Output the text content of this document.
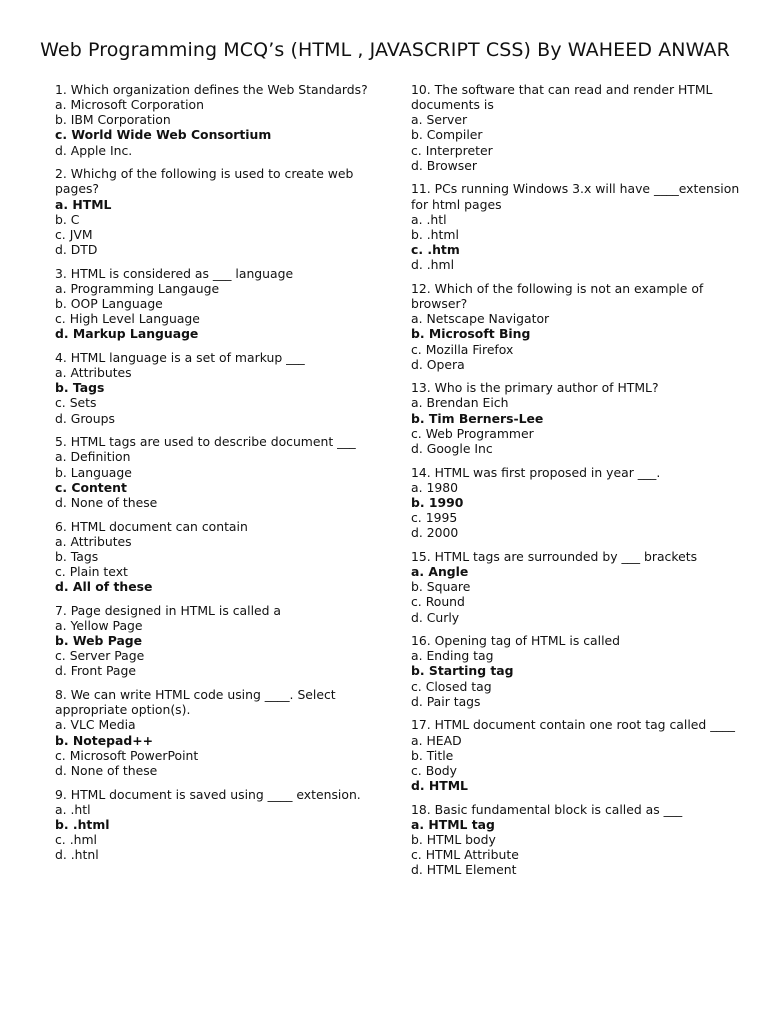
Web Programming MCQ’s (HTML , JAVASCRIPT CSS) By WAHEED ANWAR
1. Which organization defines the Web Standards?
a. Microsoft Corporation
b. IBM Corporation
c. World Wide Web Consortium
d. Apple Inc.
2. Whichg of the following is used to create web pages?
a. HTML
b. C
c. JVM
d. DTD
3. HTML is considered as ___ language
a. Programming Langauge
b. OOP Language
c. High Level Language
d. Markup Language
4. HTML language is a set of markup ___
a. Attributes
b. Tags
c. Sets
d. Groups
5. HTML tags are used to describe document ___
a. Definition
b. Language
c. Content
d. None of these
6. HTML document can contain
a. Attributes
b. Tags
c. Plain text
d. All of these
7. Page designed in HTML is called a
a. Yellow Page
b. Web Page
c. Server Page
d. Front Page
8. We can write HTML code using ____. Select appropriate option(s).
a. VLC Media
b. Notepad++
c. Microsoft PowerPoint
d. None of these
9. HTML document is saved using ____ extension.
a. .htl
b. .html
c. .hml
d. .htnl
10. The software that can read and render HTML documents is
a. Server
b. Compiler
c. Interpreter
d. Browser
11. PCs running Windows 3.x will have ____extension for html pages
a. .htl
b. .html
c. .htm
d. .hml
12. Which of the following is not an example of browser?
a. Netscape Navigator
b. Microsoft Bing
c. Mozilla Firefox
d. Opera
13. Who is the primary author of HTML?
a. Brendan Eich
b. Tim Berners-Lee
c. Web Programmer
d. Google Inc
14. HTML was first proposed in year ___.
a. 1980
b. 1990
c. 1995
d. 2000
15. HTML tags are surrounded by ___ brackets
a. Angle
b. Square
c. Round
d. Curly
16. Opening tag of HTML is called
a. Ending tag
b. Starting tag
c. Closed tag
d. Pair tags
17. HTML document contain one root tag called ____
a. HEAD
b. Title
c. Body
d. HTML
18. Basic fundamental block is called as ___
a. HTML tag
b. HTML body
c. HTML Attribute
d. HTML Element
